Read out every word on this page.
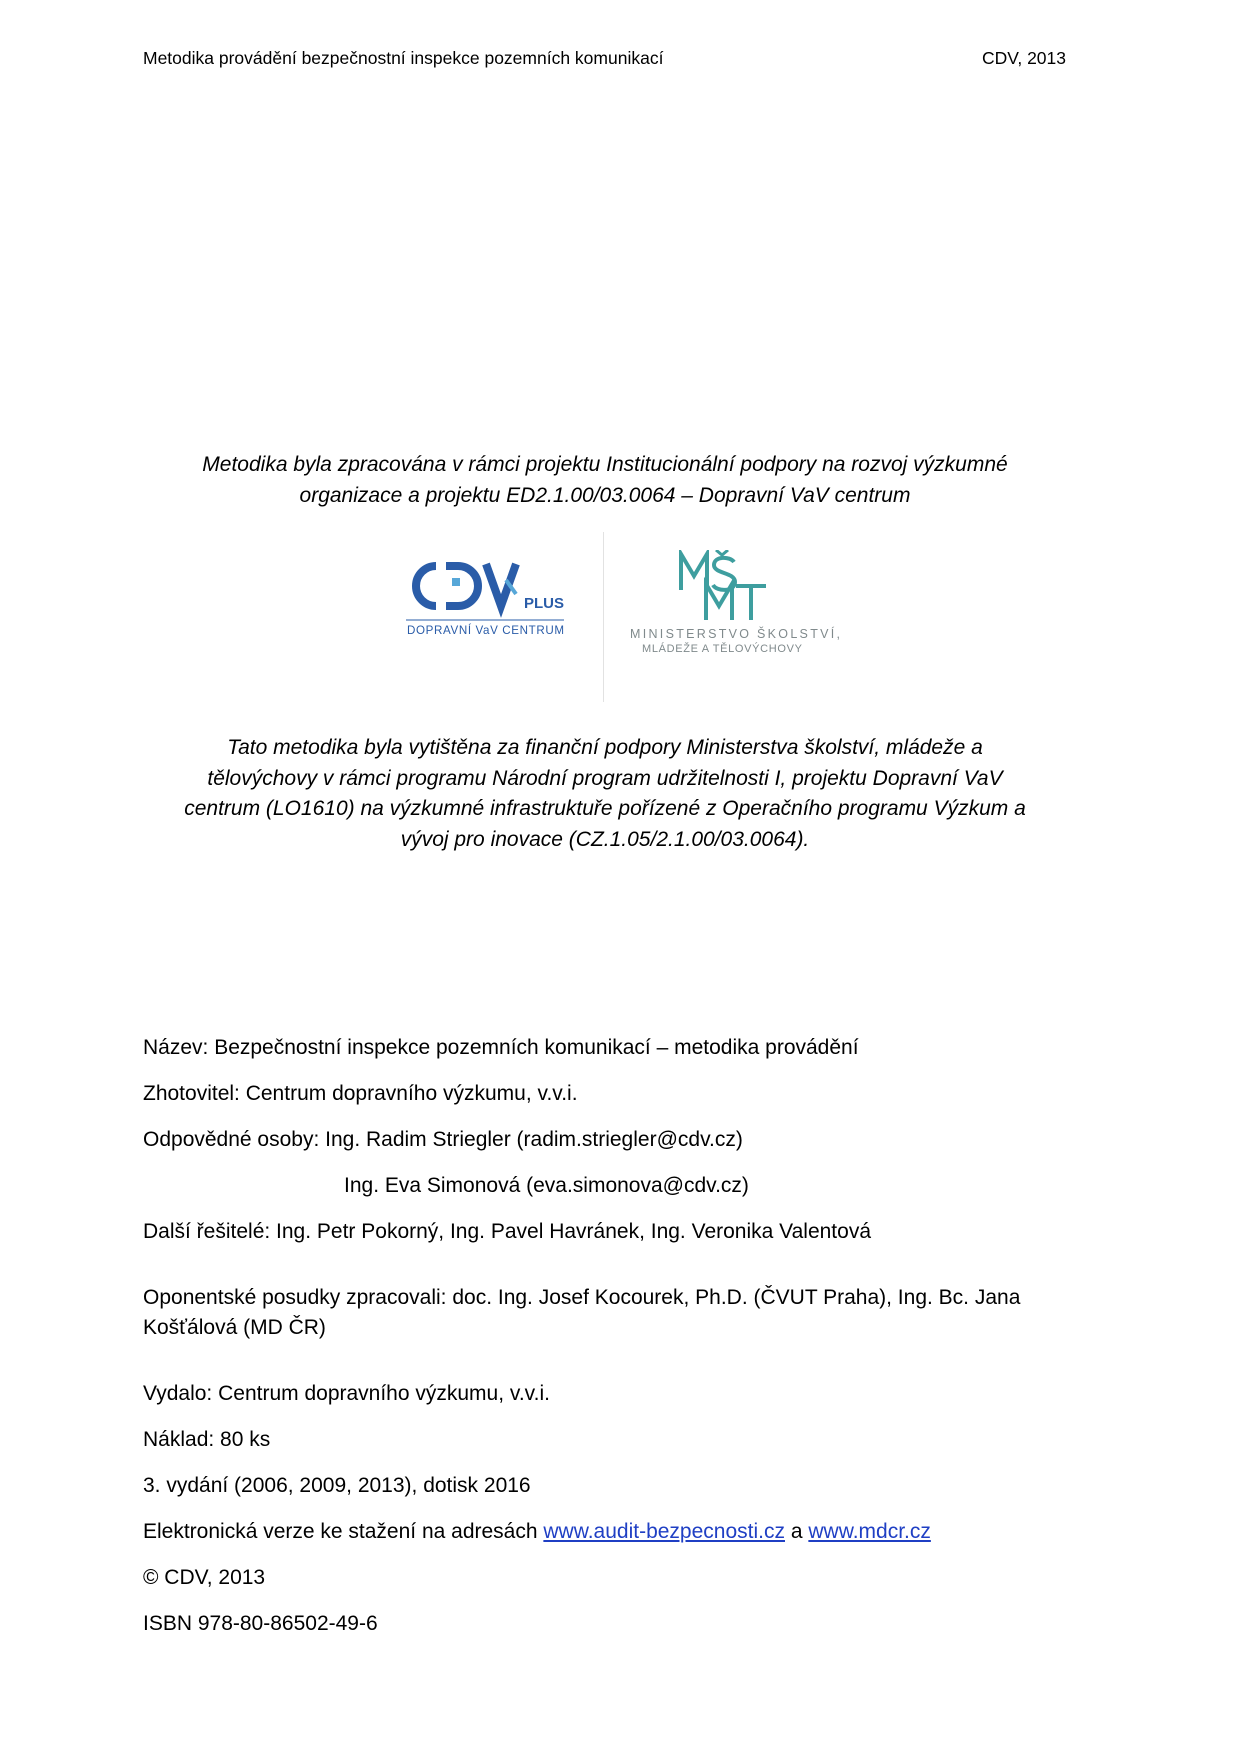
Metodika provádění bezpečnostní inspekce pozemních komunikací	CDV, 2013
Metodika byla zpracována v rámci projektu Institucionální podpory na rozvoj výzkumné
organizace a projektu ED2.1.00/03.0064 – Dopravní VaV centrum
PLUS
DOPRAVNÍ VaV CENTRUM	MINISTERSTVO ŠKOLSTVÍ,
MLÁDEŽE A TĚLOVÝCHOVY
Tato metodika byla vytištěna za finanční podpory Ministerstva školství, mládeže a
tělovýchovy v rámci programu Národní program udržitelnosti I, projektu Dopravní VaV
centrum (LO1610) na výzkumné infrastruktuře pořízené z Operačního programu Výzkum a
vývoj pro inovace (CZ.1.05/2.1.00/03.0064).
Název: Bezpečnostní inspekce pozemních komunikací – metodika provádění
Zhotovitel: Centrum dopravního výzkumu, v.v.i.
Odpovědné osoby: Ing. Radim Striegler (radim.striegler@cdv.cz)
Ing. Eva Simonová (eva.simonova@cdv.cz)
Další řešitelé: Ing. Petr Pokorný, Ing. Pavel Havránek, Ing. Veronika Valentová
Oponentské posudky zpracovali: doc. Ing. Josef Kocourek, Ph.D. (ČVUT Praha), Ing. Bc. Jana
Košťálová (MD ČR)
Vydalo: Centrum dopravního výzkumu, v.v.i.
Náklad: 80 ks
3. vydání (2006, 2009, 2013), dotisk 2016
Elektronická verze ke stažení na adresách www.audit-bezpecnosti.cz a www.mdcr.cz
© CDV, 2013
ISBN 978-80-86502-49-6
